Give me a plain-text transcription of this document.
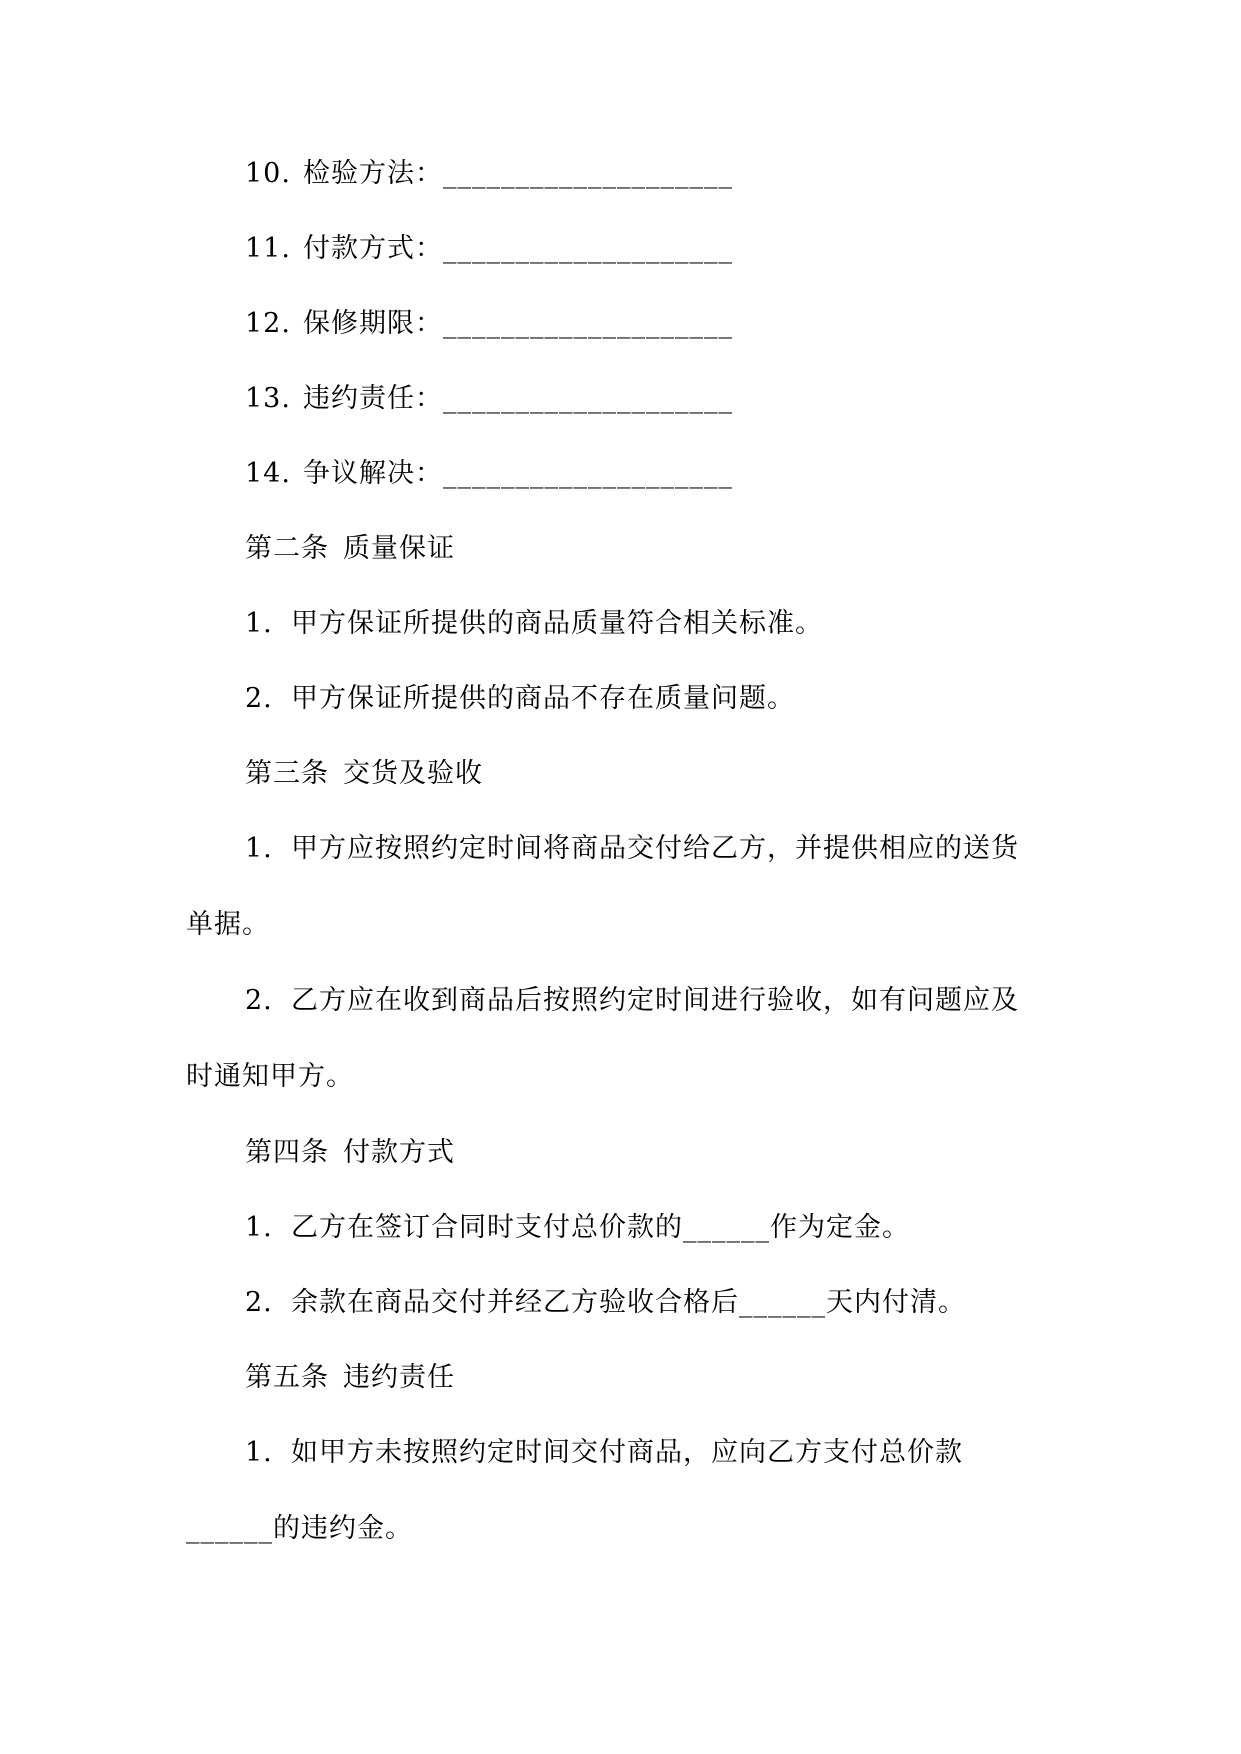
10. 检验方法：____________________
11. 付款方式：____________________
12. 保修期限：____________________
13. 违约责任：____________________
14. 争议解决：____________________
第二条 质量保证
1. 甲方保证所提供的商品质量符合相关标准。
2. 甲方保证所提供的商品不存在质量问题。
第三条 交货及验收
1. 甲方应按照约定时间将商品交付给乙方，并提供相应的送货
单据。
2. 乙方应在收到商品后按照约定时间进行验收，如有问题应及
时通知甲方。
第四条 付款方式
1. 乙方在签订合同时支付总价款的______作为定金。
2. 余款在商品交付并经乙方验收合格后______天内付清。
第五条 违约责任
1. 如甲方未按照约定时间交付商品，应向乙方支付总价款
______的违约金。
